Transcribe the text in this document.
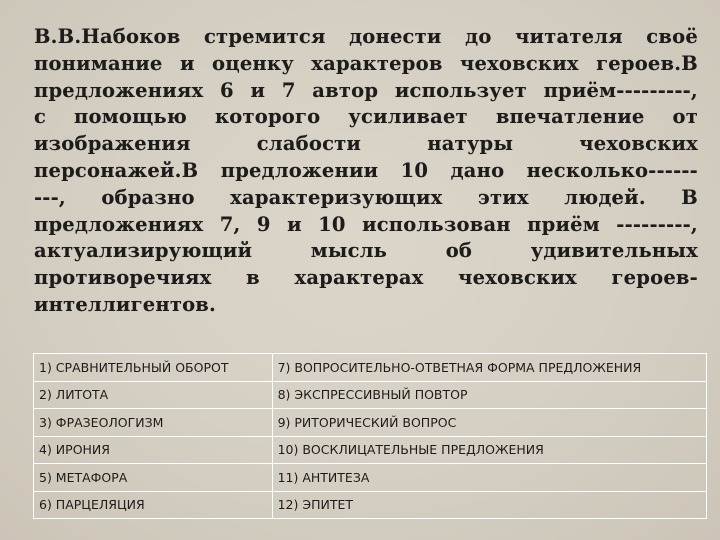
В.В.Набоков стремится донести до читателя своё
понимание и оценку характеров чеховских героев.В
предложениях 6 и 7 автор использует приём---------,
с помощью которого усиливает впечатление от
изображения	слабости	натуры	чеховских
персонажей.В предложении 10 дано несколько------
---, образно характеризующих этих людей. В
предложениях 7, 9 и 10 использован приём ---------,
актуализирующий	мысль	об	удивительных
противоречиях в характерах чеховских героев-
интеллигентов.
1) СРАВНИТЕЛЬНЫЙ ОБОРОТ	7) ВОПРОСИТЕЛЬНО-ОТВЕТНАЯ ФОРМА ПРЕДЛОЖЕНИЯ
2) ЛИТОТА	8) ЭКСПРЕССИВНЫЙ ПОВТОР
3) ФРАЗЕОЛОГИЗМ	9) РИТОРИЧЕСКИЙ ВОПРОС
4) ИРОНИЯ	10) ВОСКЛИЦАТЕЛЬНЫЕ ПРЕДЛОЖЕНИЯ
5) МЕТАФОРА	11) АНТИТЕЗА
6) ПАРЦЕЛЯЦИЯ	12) ЭПИТЕТ
